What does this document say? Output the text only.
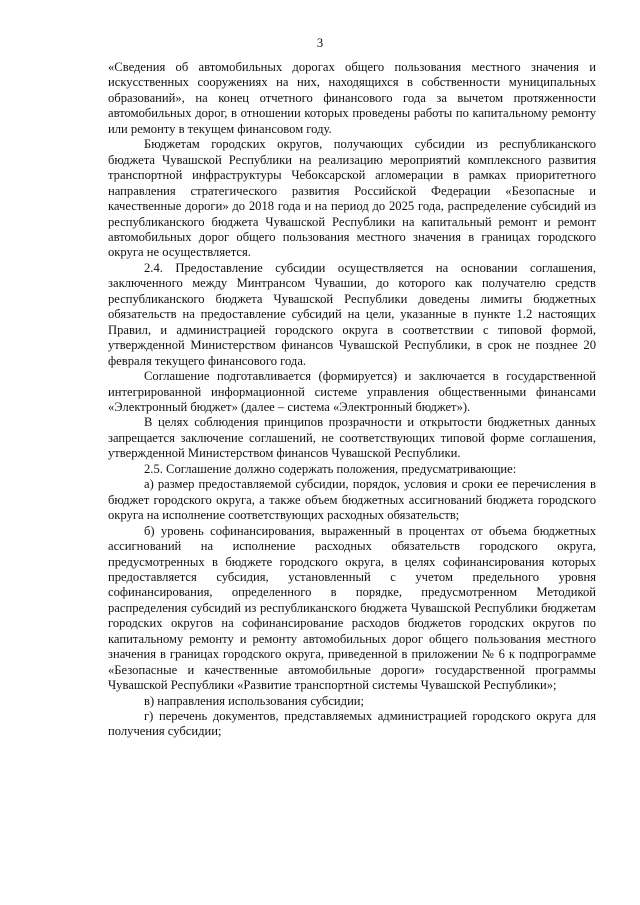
3

«Сведения об автомобильных дорогах общего пользования местного значения и искусственных сооружениях на них, находящихся в собственности муниципальных образований», на конец отчетного финансового года за вычетом протяженности автомобильных дорог, в отношении которых проведены работы по капитальному ремонту или ремонту в текущем финансовом году.

Бюджетам городских округов, получающих субсидии из республиканского бюджета Чувашской Республики на реализацию мероприятий комплексного развития транспортной инфраструктуры Чебоксарской агломерации в рамках приоритетного направления стратегического развития Российской Федерации «Безопасные и качественные дороги» до 2018 года и на период до 2025 года, распределение субсидий из республиканского бюджета Чувашской Республики на капитальный ремонт и ремонт автомобильных дорог общего пользования местного значения в границах городского округа не осуществляется.

2.4. Предоставление субсидии осуществляется на основании соглашения, заключенного между Минтрансом Чувашии, до которого как получателю средств республиканского бюджета Чувашской Республики доведены лимиты бюджетных обязательств на предоставление субсидий на цели, указанные в пункте 1.2 настоящих Правил, и администрацией городского округа в соответствии с типовой формой, утвержденной Министерством финансов Чувашской Республики, в срок не позднее 20 февраля текущего финансового года.

Соглашение подготавливается (формируется) и заключается в государственной интегрированной информационной системе управления общественными финансами «Электронный бюджет» (далее – система «Электронный бюджет»).

В целях соблюдения принципов прозрачности и открытости бюджетных данных запрещается заключение соглашений, не соответствующих типовой форме соглашения, утвержденной Министерством финансов Чувашской Республики.

2.5. Соглашение должно содержать положения, предусматривающие:

а) размер предоставляемой субсидии, порядок, условия и сроки ее перечисления в бюджет городского округа, а также объем бюджетных ассигнований бюджета городского округа на исполнение соответствующих расходных обязательств;

б) уровень софинансирования, выраженный в процентах от объема бюджетных ассигнований на исполнение расходных обязательств городского округа, предусмотренных в бюджете городского округа, в целях софинансирования которых предоставляется субсидия, установленный с учетом предельного уровня софинансирования, определенного в порядке, предусмотренном Методикой распределения субсидий из республиканского бюджета Чувашской Республики бюджетам городских округов на софинансирование расходов бюджетов городских округов по капитальному ремонту и ремонту автомобильных дорог общего пользования местного значения в границах городского округа, приведенной в приложении № 6 к подпрограмме «Безопасные и качественные автомобильные дороги» государственной программы Чувашской Республики «Развитие транспортной системы Чувашской Республики»;

в) направления использования субсидии;

г) перечень документов, представляемых администрацией городского округа для получения субсидии;
